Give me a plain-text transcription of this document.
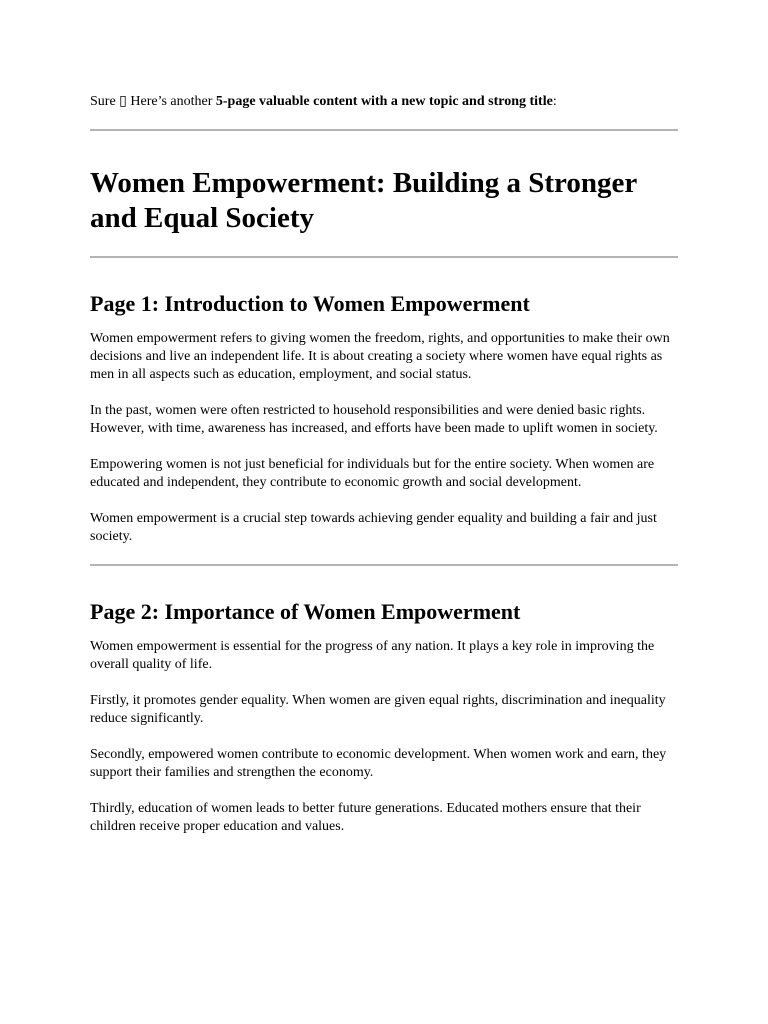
Sure ▯ Here’s another 5-page valuable content with a new topic and strong title:

Women Empowerment: Building a Stronger and Equal Society
Page 1: Introduction to Women Empowerment

Women empowerment refers to giving women the freedom, rights, and opportunities to make their own decisions and live an independent life. It is about creating a society where women have equal rights as men in all aspects such as education, employment, and social status.

In the past, women were often restricted to household responsibilities and were denied basic rights. However, with time, awareness has increased, and efforts have been made to uplift women in society.

Empowering women is not just beneficial for individuals but for the entire society. When women are educated and independent, they contribute to economic growth and social development.

Women empowerment is a crucial step towards achieving gender equality and building a fair and just society.

Page 2: Importance of Women Empowerment

Women empowerment is essential for the progress of any nation. It plays a key role in improving the overall quality of life.

Firstly, it promotes gender equality. When women are given equal rights, discrimination and inequality reduce significantly.

Secondly, empowered women contribute to economic development. When women work and earn, they support their families and strengthen the economy.

Thirdly, education of women leads to better future generations. Educated mothers ensure that their children receive proper education and values.
